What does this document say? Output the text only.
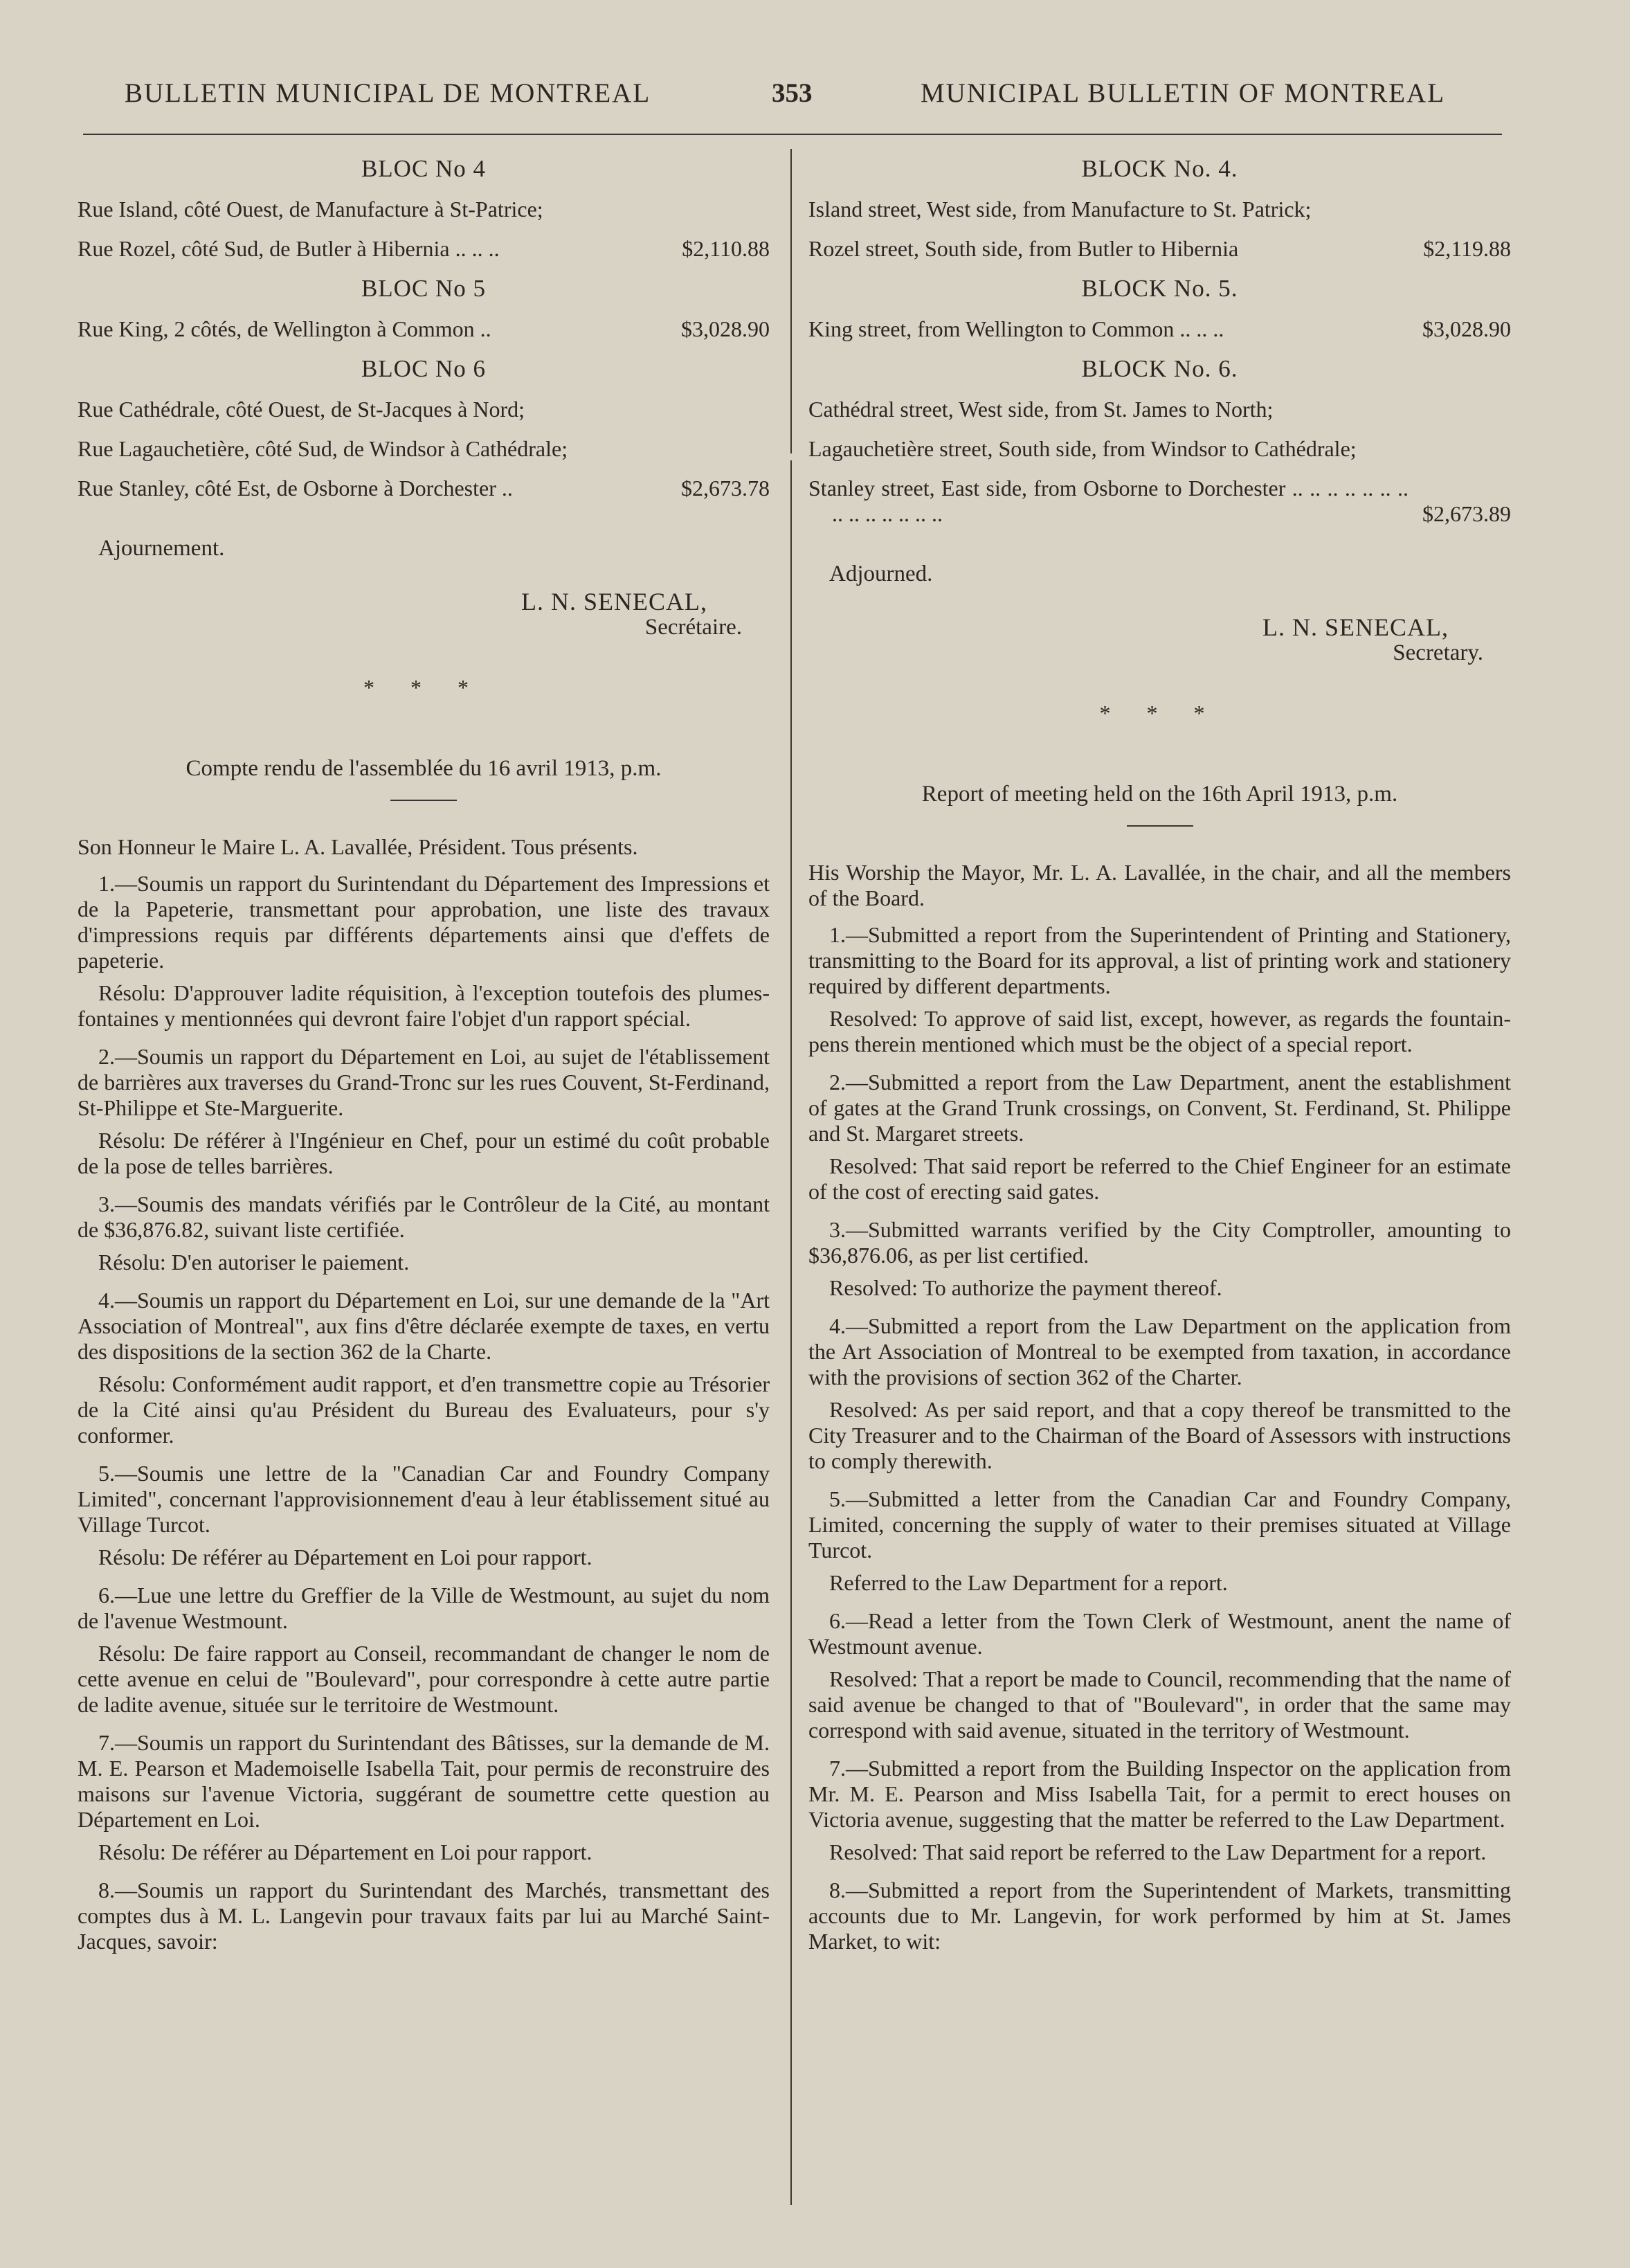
BULLETIN MUNICIPAL DE MONTREAL	353	MUNICIPAL BULLETIN OF MONTREAL
BLOC No 4
Rue Island, côté Ouest, de Manufacture à St-Patrice;
Rue Rozel, côté Sud, de Butler à Hibernia .. .. ..	$2,110.88
BLOC No 5
Rue King, 2 côtés, de Wellington à Common ..	$3,028.90
BLOC No 6
Rue Cathédrale, côté Ouest, de St-Jacques à Nord;
Rue Lagauchetière, côté Sud, de Windsor à Cathédrale;
Rue Stanley, côté Est, de Osborne à Dorchester ..	$2,673.78
Ajournement.
L. N. SENECAL,
Secrétaire.
* * *
Compte rendu de l'assemblée du 16 avril 1913, p.m.

Son Honneur le Maire L. A. Lavallée, Président. Tous présents.

1.—Soumis un rapport du Surintendant du Département des Impressions et de la Papeterie, transmettant pour approbation, une liste des travaux d'impressions requis par différents départements ainsi que d'effets de papeterie.

Résolu: D'approuver ladite réquisition, à l'exception toutefois des plumes-fontaines y mentionnées qui devront faire l'objet d'un rapport spécial.

2.—Soumis un rapport du Département en Loi, au sujet de l'établissement de barrières aux traverses du Grand-Tronc sur les rues Couvent, St-Ferdinand, St-Philippe et Ste-Marguerite.

Résolu: De référer à l'Ingénieur en Chef, pour un estimé du coût probable de la pose de telles barrières.

3.—Soumis des mandats vérifiés par le Contrôleur de la Cité, au montant de $36,876.82, suivant liste certifiée.

Résolu: D'en autoriser le paiement.

4.—Soumis un rapport du Département en Loi, sur une demande de la "Art Association of Montreal", aux fins d'être déclarée exempte de taxes, en vertu des dispositions de la section 362 de la Charte.

Résolu: Conformément audit rapport, et d'en transmettre copie au Trésorier de la Cité ainsi qu'au Président du Bureau des Evaluateurs, pour s'y conformer.

5.—Soumis une lettre de la "Canadian Car and Foundry Company Limited", concernant l'approvisionnement d'eau à leur établissement situé au Village Turcot.

Résolu: De référer au Département en Loi pour rapport.

6.—Lue une lettre du Greffier de la Ville de Westmount, au sujet du nom de l'avenue Westmount.

Résolu: De faire rapport au Conseil, recommandant de changer le nom de cette avenue en celui de "Boulevard", pour correspondre à cette autre partie de ladite avenue, située sur le territoire de Westmount.

7.—Soumis un rapport du Surintendant des Bâtisses, sur la demande de M. M. E. Pearson et Mademoiselle Isabella Tait, pour permis de reconstruire des maisons sur l'avenue Victoria, suggérant de soumettre cette question au Département en Loi.

Résolu: De référer au Département en Loi pour rapport.

8.—Soumis un rapport du Surintendant des Marchés, transmettant des comptes dus à M. L. Langevin pour travaux faits par lui au Marché Saint-Jacques, savoir:

BLOCK No. 4.
Island street, West side, from Manufacture to St. Patrick;
Rozel street, South side, from Butler to Hibernia	$2,119.88
BLOCK No. 5.
King street, from Wellington to Common .. .. ..	$3,028.90
BLOCK No. 6.
Cathédral street, West side, from St. James to North;
Lagauchetière street, South side, from Windsor to Cathédrale;
Stanley street, East side, from Osborne to Dorchester .. .. .. .. .. .. .. .. .. .. .. .. .. ..	$2,673.89
Adjourned.
L. N. SENECAL,
Secretary.
* * *
Report of meeting held on the 16th April 1913, p.m.

His Worship the Mayor, Mr. L. A. Lavallée, in the chair, and all the members of the Board.

1.—Submitted a report from the Superintendent of Printing and Stationery, transmitting to the Board for its approval, a list of printing work and stationery required by different departments.

Resolved: To approve of said list, except, however, as regards the fountain-pens therein mentioned which must be the object of a special report.

2.—Submitted a report from the Law Department, anent the establishment of gates at the Grand Trunk crossings, on Convent, St. Ferdinand, St. Philippe and St. Margaret streets.

Resolved: That said report be referred to the Chief Engineer for an estimate of the cost of erecting said gates.

3.—Submitted warrants verified by the City Comptroller, amounting to $36,876.06, as per list certified.

Resolved: To authorize the payment thereof.

4.—Submitted a report from the Law Department on the application from the Art Association of Montreal to be exempted from taxation, in accordance with the provisions of section 362 of the Charter.

Resolved: As per said report, and that a copy thereof be transmitted to the City Treasurer and to the Chairman of the Board of Assessors with instructions to comply therewith.

5.—Submitted a letter from the Canadian Car and Foundry Company, Limited, concerning the supply of water to their premises situated at Village Turcot.

Referred to the Law Department for a report.

6.—Read a letter from the Town Clerk of Westmount, anent the name of Westmount avenue.

Resolved: That a report be made to Council, recommending that the name of said avenue be changed to that of "Boulevard", in order that the same may correspond with said avenue, situated in the territory of Westmount.

7.—Submitted a report from the Building Inspector on the application from Mr. M. E. Pearson and Miss Isabella Tait, for a permit to erect houses on Victoria avenue, suggesting that the matter be referred to the Law Department.

Resolved: That said report be referred to the Law Department for a report.

8.—Submitted a report from the Superintendent of Markets, transmitting accounts due to Mr. Langevin, for work performed by him at St. James Market, to wit:
